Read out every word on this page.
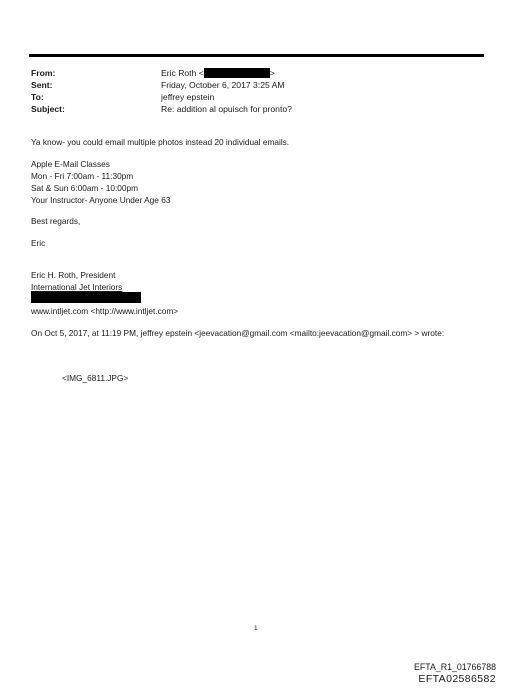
From:	Eric Roth <	>
Sent:	Friday, October 6, 2017 3:25 AM
To:	jeffrey epstein
Subject:	Re: addition al opuisch for pronto?
Ya know- you could email multiple photos instead 20 individual emails.
Apple E-Mail Classes
Mon - Fri 7:00am - 11:30pm
Sat & Sun 6:00am - 10:00pm
Your Instructor- Anyone Under Age 63
Best regards,
Eric
Eric H. Roth, President
International Jet Interiors
www.intljet.com <http://www.intljet.com>
On Oct 5, 2017, at 11:19 PM, jeffrey epstein <jeevacation@gmail.com <mailto:jeevacation@gmail.com> > wrote:
<IMG_6811.JPG>
1
EFTA_R1_01766788
EFTA02586582
